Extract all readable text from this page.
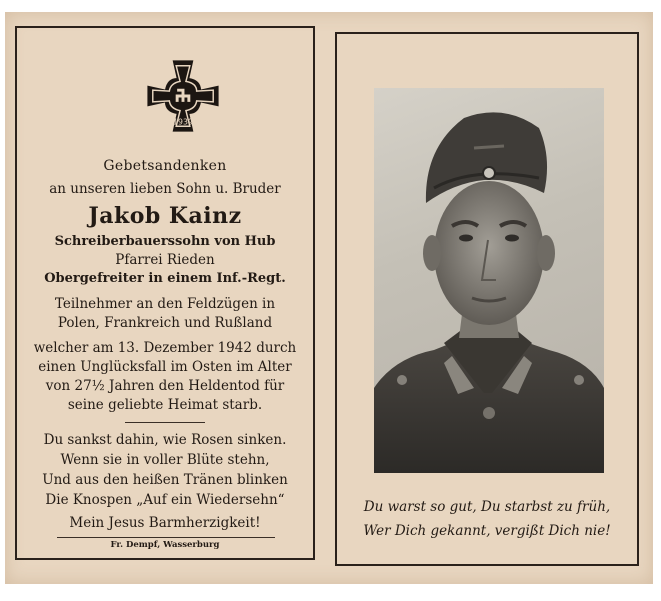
1939
Gebetsandenken
an unseren lieben Sohn u. Bruder
Jakob Kainz
Schreiberbauerssohn von Hub
Pfarrei Rieden
Obergefreiter in einem Inf.-Regt.
Teilnehmer an den Feldzügen in
Polen, Frankreich und Rußland
welcher am 13. Dezember 1942 durch
einen Unglücksfall im Osten im Alter
von 27½ Jahren den Heldentod für
seine geliebte Heimat starb.
Du sankst dahin, wie Rosen sinken.
Wenn sie in voller Blüte stehn,
Und aus den heißen Tränen blinken
Die Knospen „Auf ein Wiedersehn“
Mein Jesus Barmherzigkeit!
Fr. Dempf, Wasserburg
Du warst so gut, Du starbst zu früh,
Wer Dich gekannt, vergißt Dich nie!
